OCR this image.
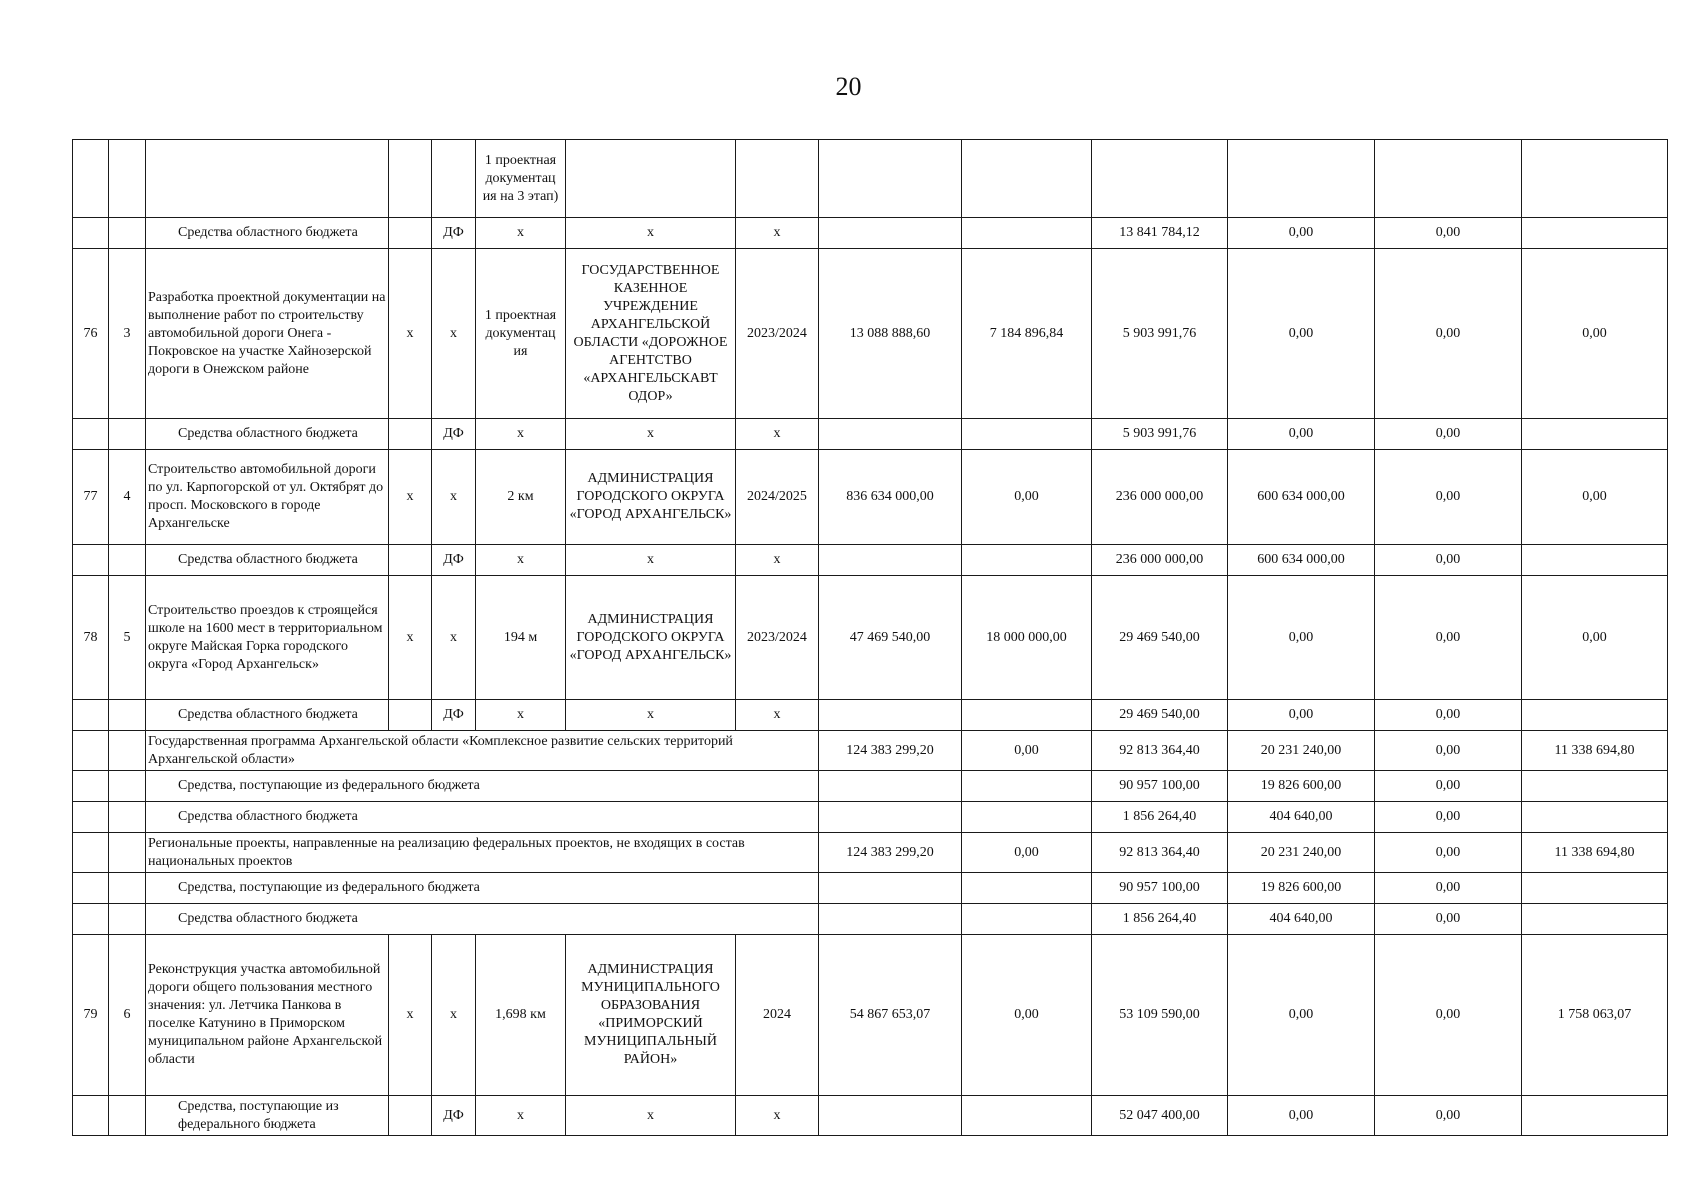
20
					1 проектная документац ия на 3 этап)								
		Средства областного бюджета		ДФ	х	х	х			13 841 784,12	0,00	0,00	
76	3	Разработка проектной документации на выполнение работ по строительству автомобильной дороги Онега - Покровское на участке Хайнозерской дороги в Онежском районе	х	х	1 проектная документац ия	ГОСУДАРСТВЕННОЕ КАЗЕННОЕ УЧРЕЖДЕНИЕ АРХАНГЕЛЬСКОЙ ОБЛАСТИ «ДОРОЖНОЕ АГЕНТСТВО «АРХАНГЕЛЬСКАВТ ОДОР»	2023/2024	13 088 888,60	7 184 896,84	5 903 991,76	0,00	0,00	0,00
		Средства областного бюджета		ДФ	х	х	х			5 903 991,76	0,00	0,00	
77	4	Строительство автомобильной дороги по ул. Карпогорской от ул. Октябрят до просп. Московского в городе Архангельске	х	х	2 км	АДМИНИСТРАЦИЯ ГОРОДСКОГО ОКРУГА «ГОРОД АРХАНГЕЛЬСК»	2024/2025	836 634 000,00	0,00	236 000 000,00	600 634 000,00	0,00	0,00
		Средства областного бюджета		ДФ	х	х	х			236 000 000,00	600 634 000,00	0,00	
78	5	Строительство проездов к строящейся школе на 1600 мест в территориальном округе Майская Горка городского округа «Город Архангельск»	х	х	194 м	АДМИНИСТРАЦИЯ ГОРОДСКОГО ОКРУГА «ГОРОД АРХАНГЕЛЬСК»	2023/2024	47 469 540,00	18 000 000,00	29 469 540,00	0,00	0,00	0,00
		Средства областного бюджета		ДФ	х	х	х			29 469 540,00	0,00	0,00	
		Государственная программа Архангельской области «Комплексное развитие сельских территорий Архангельской области»						124 383 299,20	0,00	92 813 364,40	20 231 240,00	0,00	11 338 694,80
		Средства, поступающие из федерального бюджета								90 957 100,00	19 826 600,00	0,00	
		Средства областного бюджета								1 856 264,40	404 640,00	0,00	
		Региональные проекты, направленные на реализацию федеральных проектов, не входящих в состав национальных проектов						124 383 299,20	0,00	92 813 364,40	20 231 240,00	0,00	11 338 694,80
		Средства, поступающие из федерального бюджета								90 957 100,00	19 826 600,00	0,00	
		Средства областного бюджета								1 856 264,40	404 640,00	0,00	
79	6	Реконструкция участка автомобильной дороги общего пользования местного значения: ул. Летчика Панкова в поселке Катунино в Приморском муниципальном районе Архангельской области	х	х	1,698 км	АДМИНИСТРАЦИЯ МУНИЦИПАЛЬНОГО ОБРАЗОВАНИЯ «ПРИМОРСКИЙ МУНИЦИПАЛЬНЫЙ РАЙОН»	2024	54 867 653,07	0,00	53 109 590,00	0,00	0,00	1 758 063,07
		Средства, поступающие из федерального бюджета		ДФ	х	х	х			52 047 400,00	0,00	0,00	
